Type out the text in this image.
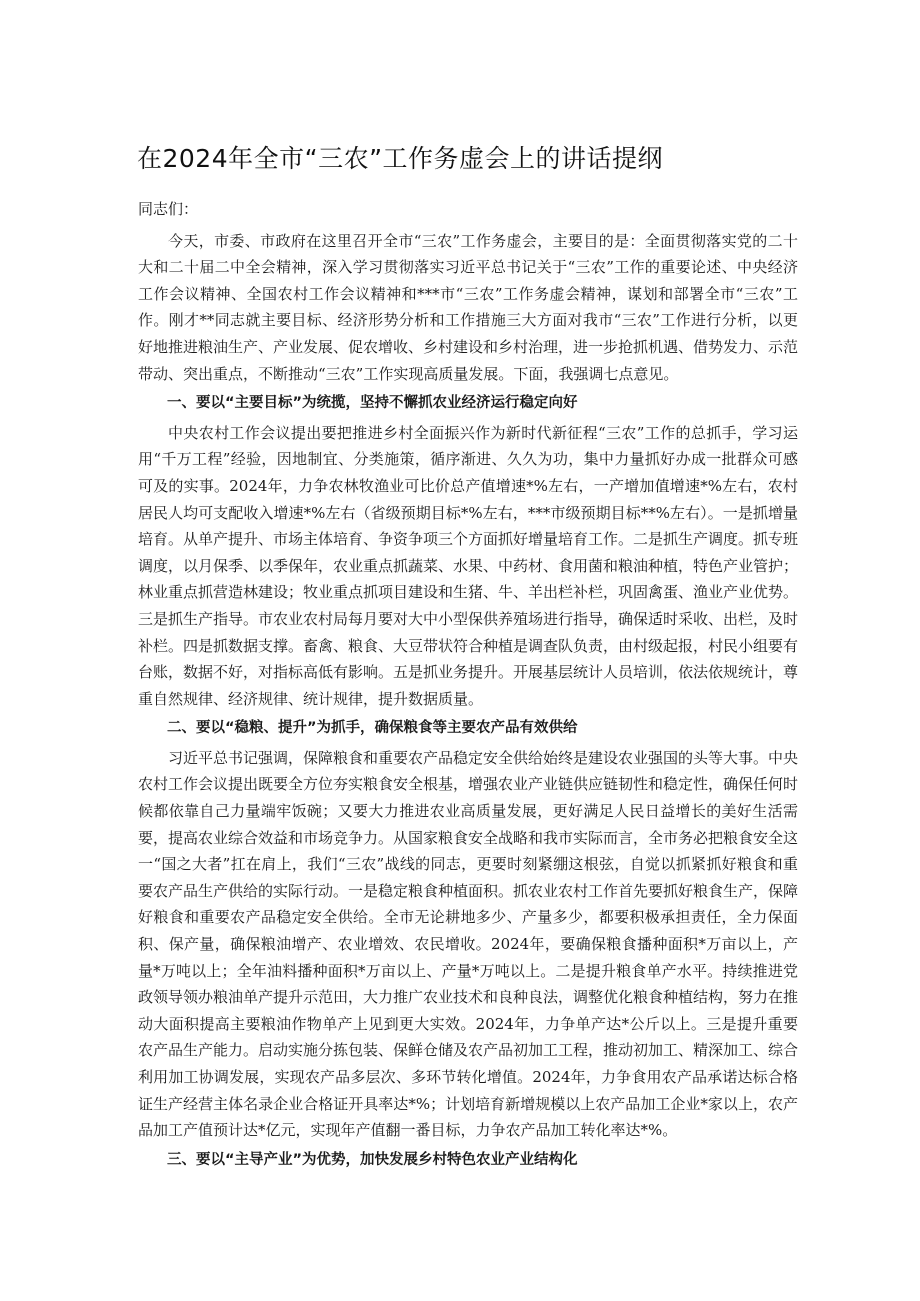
在2024年全市“三农”工作务虚会上的讲话提纲

同志们：

今天，市委、市政府在这里召开全市“三农”工作务虚会，主要目的是：全面贯彻落实党的二十大和二十届二中全会精神，深入学习贯彻落实习近平总书记关于“三农”工作的重要论述、中央经济工作会议精神、全国农村工作会议精神和***市“三农”工作务虚会精神，谋划和部署全市“三农”工作。刚才**同志就主要目标、经济形势分析和工作措施三大方面对我市“三农”工作进行分析，以更好地推进粮油生产、产业发展、促农增收、乡村建设和乡村治理，进一步抢抓机遇、借势发力、示范带动、突出重点，不断推动“三农”工作实现高质量发展。下面，我强调七点意见。

一、要以“主要目标”为统揽，坚持不懈抓农业经济运行稳定向好

中央农村工作会议提出要把推进乡村全面振兴作为新时代新征程“三农”工作的总抓手，学习运用“千万工程”经验，因地制宜、分类施策，循序渐进、久久为功，集中力量抓好办成一批群众可感可及的实事。2024年，力争农林牧渔业可比价总产值增速*%左右，一产增加值增速*%左右，农村居民人均可支配收入增速*%左右（省级预期目标*%左右，***市级预期目标**%左右）。一是抓增量培育。从单产提升、市场主体培育、争资争项三个方面抓好增量培育工作。二是抓生产调度。抓专班调度，以月保季、以季保年，农业重点抓蔬菜、水果、中药材、食用菌和粮油种植，特色产业管护；林业重点抓营造林建设；牧业重点抓项目建设和生猪、牛、羊出栏补栏，巩固禽蛋、渔业产业优势。三是抓生产指导。市农业农村局每月要对大中小型保供养殖场进行指导，确保适时采收、出栏，及时补栏。四是抓数据支撑。畜禽、粮食、大豆带状符合种植是调查队负责，由村级起报，村民小组要有台账，数据不好，对指标高低有影响。五是抓业务提升。开展基层统计人员培训，依法依规统计，尊重自然规律、经济规律、统计规律，提升数据质量。

二、要以“稳粮、提升”为抓手，确保粮食等主要农产品有效供给

习近平总书记强调，保障粮食和重要农产品稳定安全供给始终是建设农业强国的头等大事。中央农村工作会议提出既要全方位夯实粮食安全根基，增强农业产业链供应链韧性和稳定性，确保任何时候都依靠自己力量端牢饭碗；又要大力推进农业高质量发展，更好满足人民日益增长的美好生活需要，提高农业综合效益和市场竞争力。从国家粮食安全战略和我市实际而言，全市务必把粮食安全这一“国之大者”扛在肩上，我们“三农”战线的同志，更要时刻紧绷这根弦，自觉以抓紧抓好粮食和重要农产品生产供给的实际行动。一是稳定粮食种植面积。抓农业农村工作首先要抓好粮食生产，保障好粮食和重要农产品稳定安全供给。全市无论耕地多少、产量多少，都要积极承担责任，全力保面积、保产量，确保粮油增产、农业增效、农民增收。2024年，要确保粮食播种面积*万亩以上，产量*万吨以上；全年油料播种面积*万亩以上、产量*万吨以上。二是提升粮食单产水平。持续推进党政领导领办粮油单产提升示范田，大力推广农业技术和良种良法，调整优化粮食种植结构，努力在推动大面积提高主要粮油作物单产上见到更大实效。2024年，力争单产达*公斤以上。三是提升重要农产品生产能力。启动实施分拣包装、保鲜仓储及农产品初加工工程，推动初加工、精深加工、综合利用加工协调发展，实现农产品多层次、多环节转化增值。2024年，力争食用农产品承诺达标合格证生产经营主体名录企业合格证开具率达*%；计划培育新增规模以上农产品加工企业*家以上，农产品加工产值预计达*亿元，实现年产值翻一番目标，力争农产品加工转化率达*%。

三、要以“主导产业”为优势，加快发展乡村特色农业产业结构化
